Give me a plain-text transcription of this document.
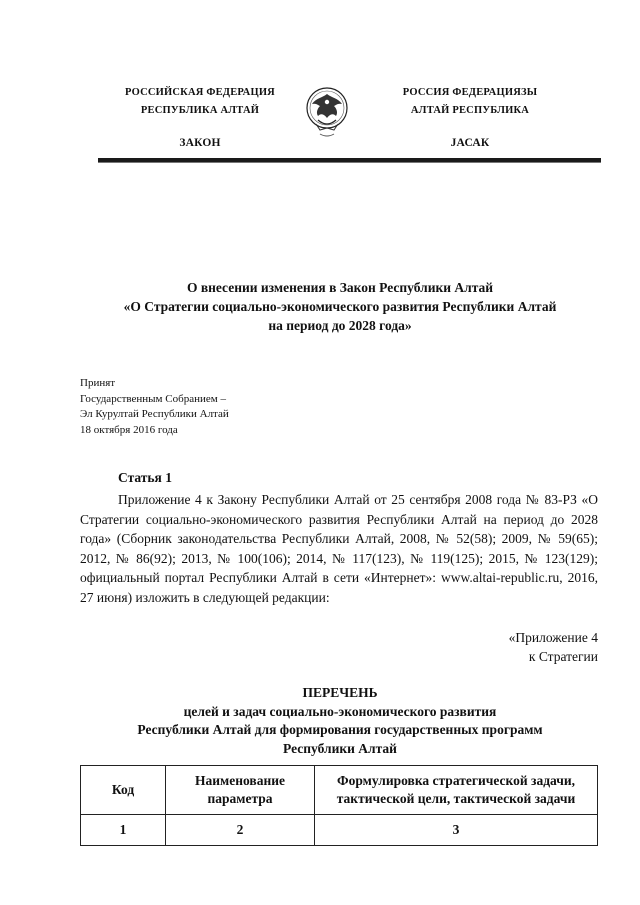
РОССИЙСКАЯ ФЕДЕРАЦИЯ
РЕСПУБЛИКА АЛТАЙ
ЗАКОН
РОССИЯ ФЕДЕРАЦИЯЗЫ
АЛТАЙ РЕСПУБЛИКА
JАСАК
О внесении изменения в Закон Республики Алтай
«О Стратегии социально-экономического развития Республики Алтай
на период до 2028 года»
Принят
Государственным Собранием –
Эл Курултай Республики Алтай
18 октября 2016 года
Статья 1
Приложение 4 к Закону Республики Алтай от 25 сентября 2008 года № 83-РЗ «О Стратегии социально-экономического развития Республики Алтай на период до 2028 года» (Сборник законодательства Республики Алтай, 2008, № 52(58); 2009, № 59(65); 2012, № 86(92); 2013, № 100(106); 2014, № 117(123), № 119(125); 2015, № 123(129); официальный портал Республики Алтай в сети «Интернет»: www.altai-republic.ru, 2016, 27 июня) изложить в следующей редакции:
«Приложение 4
к Стратегии
ПЕРЕЧЕНЬ
целей и задач социально-экономического развития
Республики Алтай для формирования государственных программ
Республики Алтай
Код	Наименование параметра	Формулировка стратегической задачи, тактической цели, тактической задачи
1	2	3
